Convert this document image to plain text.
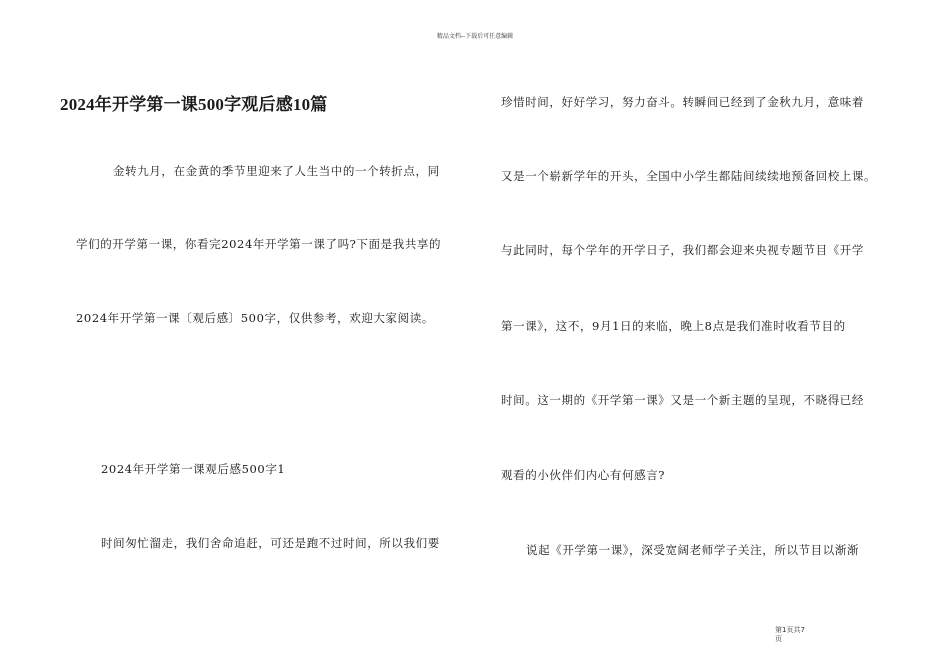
精品文档--下载后可任意编辑
2024年开学第一课500字观后感10篇
金转九月，在金黄的季节里迎来了人生当中的一个转折点，同
学们的开学第一课，你看完2024年开学第一课了吗?下面是我共享的
2024年开学第一课〔观后感〕500字，仅供参考，欢迎大家阅读。
2024年开学第一课观后感500字1
时间匆忙溜走，我们舍命追赶，可还是跑不过时间，所以我们要
珍惜时间，好好学习，努力奋斗。转瞬间已经到了金秋九月，意味着
又是一个崭新学年的开头，全国中小学生都陆间续续地预备回校上课。
与此同时，每个学年的开学日子，我们都会迎来央视专题节目《开学
第一课》，这不，9月1日的来临，晚上8点是我们准时收看节目的
时间。这一期的《开学第一课》又是一个新主题的呈现，不晓得已经
观看的小伙伴们内心有何感言?
说起《开学第一课》，深受宽阔老师学子关注，所以节目以渐渐
第1页共7
页
